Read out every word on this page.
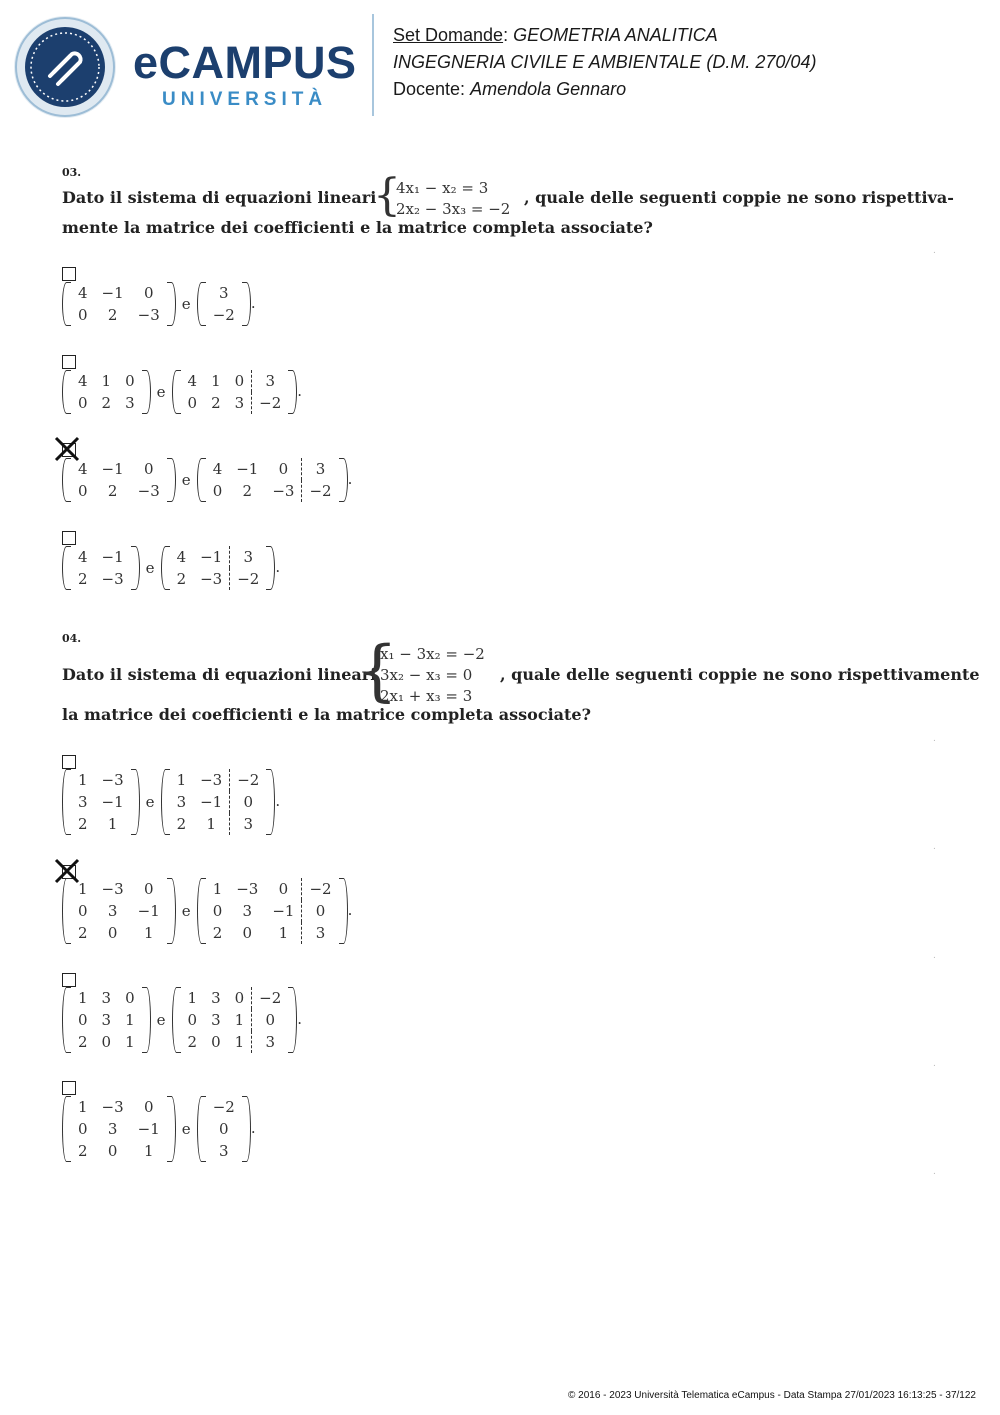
eCAMPUS
UNIVERSITÀ
Set Domande: GEOMETRIA ANALITICA
INGEGNERIA CIVILE E AMBIENTALE (D.M. 270/04)
Docente: Amendola Gennaro
03.
Dato il sistema di equazioni lineari
{
4x₁ − x₂ = 3
2x₂ − 3x₃ = −2
, quale delle seguenti coppie ne sono rispettiva-
mente la matrice dei coefficienti e la matrice completa associate?
4	−1	0
0	2	−3
e
3
−2
.
4	1	0
0	2	3
e
4	1	0	3
0	2	3	−2
.
4	−1	0
0	2	−3
e
4	−1	0	3
0	2	−3	−2
.
4	−1
2	−3
e
4	−1	3
2	−3	−2
.
04.
Dato il sistema di equazioni lineari
{
x₁ − 3x₂ = −2
3x₂ − x₃ = 0
2x₁ + x₃ = 3
, quale delle seguenti coppie ne sono rispettivamente
la matrice dei coefficienti e la matrice completa associate?
1	−3
3	−1
2	1
e
1	−3	−2
3	−1	0
2	1	3
.
1	−3	0
0	3	−1
2	0	1
e
1	−3	0	−2
0	3	−1	0
2	0	1	3
.
1	3	0
0	3	1
2	0	1
e
1	3	0	−2
0	3	1	0
2	0	1	3
.
1	−3	0
0	3	−1
2	0	1
e
−2
0
3
.
.
.
.
.
.
.
© 2016 - 2023 Università Telematica eCampus - Data Stampa 27/01/2023 16:13:25 - 37/122
